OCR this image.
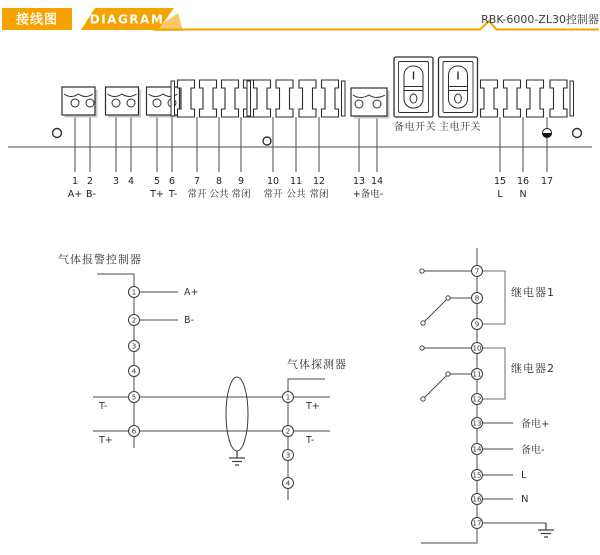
接线图	DIAGRAM	RBK-6000-ZL30控制器
备电开关 主电开关
1 2 3 4 5 6 7 8 9 10 11 12	13 14	15 16 17
A+ B-	T+ T- 常开 公共 常闭 常开 公共 常闭	+备电-	L N
气体报警控制器
1
2
3
4
5
6
A+
B-
T-
T+
气体探测器
1
2
3
4
T+
T-
7
8
9
10
11
12
13
14
15
16
17
继电器1
继电器2
备电+
备电-
L
N
